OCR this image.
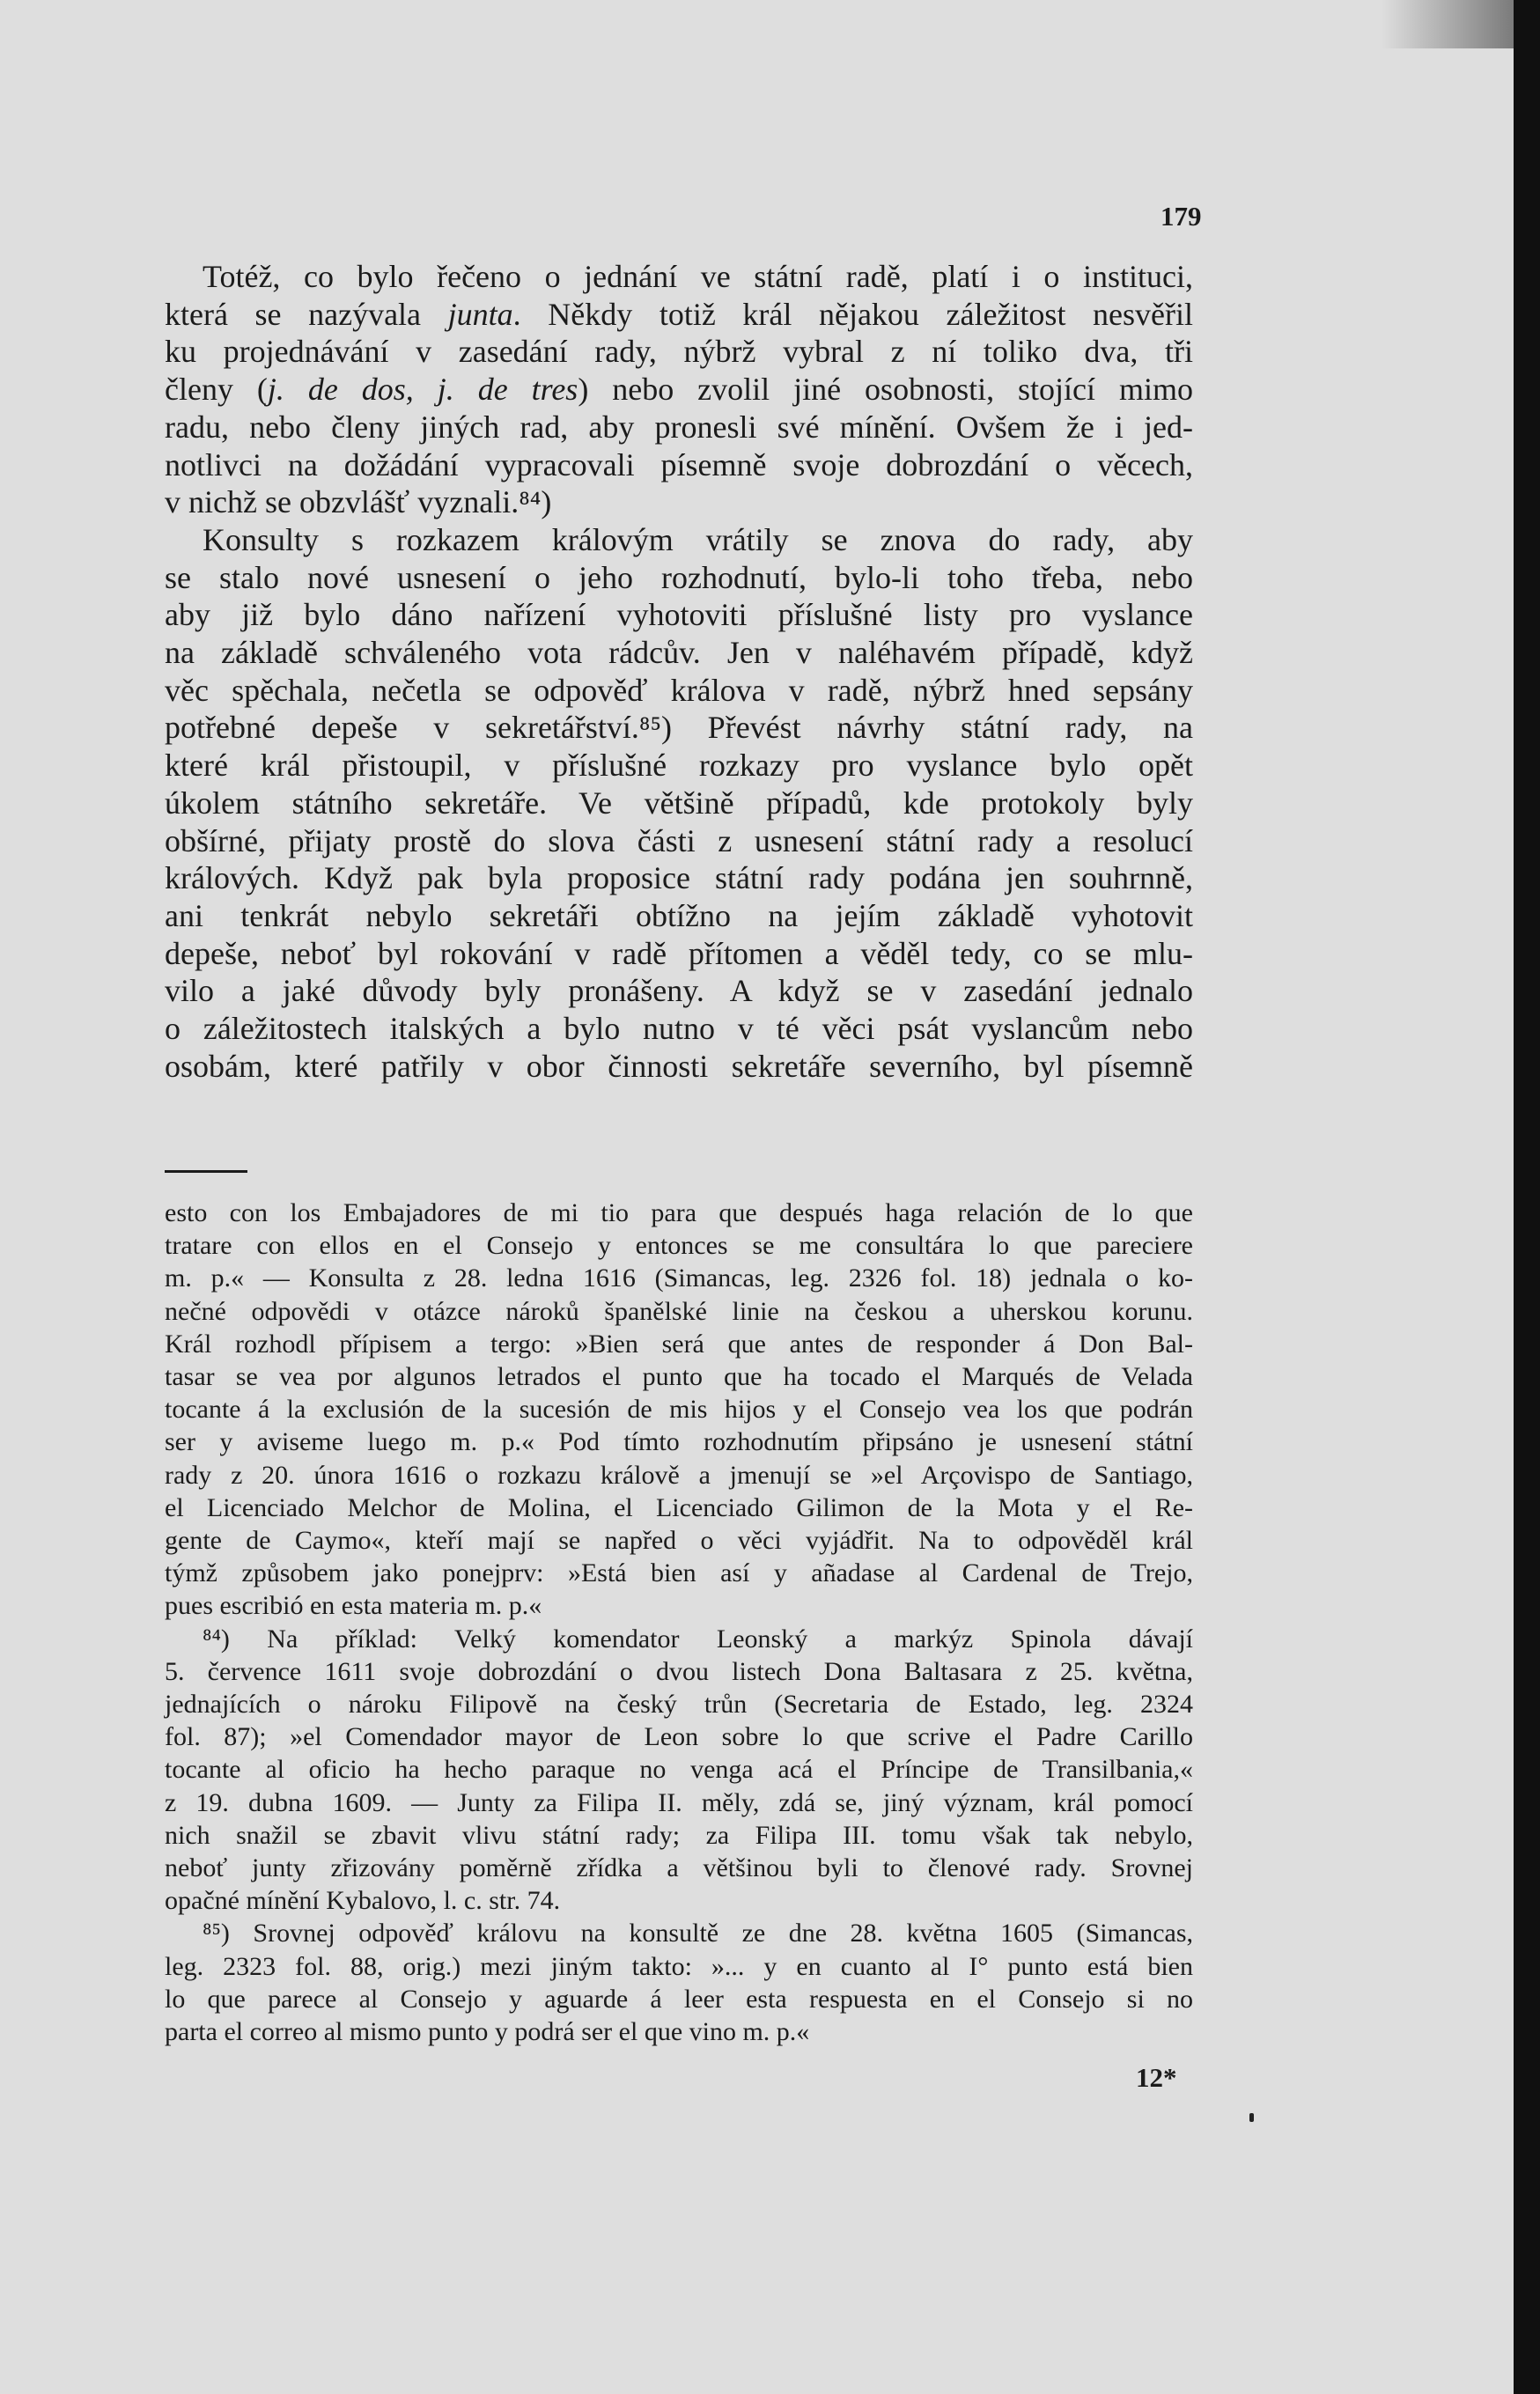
179
Totéž, co bylo řečeno o jednání ve státní radě, platí i o instituci,
která se nazývala junta. Někdy totiž král nějakou záležitost nesvěřil
ku projednávání v zasedání rady, nýbrž vybral z ní toliko dva, tři
členy (j. de dos, j. de tres) nebo zvolil jiné osobnosti, stojící mimo
radu, nebo členy jiných rad, aby pronesli své mínění. Ovšem že i jed-
notlivci na dožádání vypracovali písemně svoje dobrozdání o věcech,
v nichž se obzvlášť vyznali.⁸⁴)
Konsulty s rozkazem královým vrátily se znova do rady, aby
se stalo nové usnesení o jeho rozhodnutí, bylo-li toho třeba, nebo
aby již bylo dáno nařízení vyhotoviti příslušné listy pro vyslance
na základě schváleného vota rádcův. Jen v naléhavém případě, když
věc spěchala, nečetla se odpověď králova v radě, nýbrž hned sepsány
potřebné depeše v sekretářství.⁸⁵) Převést návrhy státní rady, na
které král přistoupil, v příslušné rozkazy pro vyslance bylo opět
úkolem státního sekretáře. Ve většině případů, kde protokoly byly
obšírné, přijaty prostě do slova části z usnesení státní rady a resolucí
králových. Když pak byla proposice státní rady podána jen souhrnně,
ani tenkrát nebylo sekretáři obtížno na jejím základě vyhotovit
depeše, neboť byl rokování v radě přítomen a věděl tedy, co se mlu-
vilo a jaké důvody byly pronášeny. A když se v zasedání jednalo
o záležitostech italských a bylo nutno v té věci psát vyslancům nebo
osobám, které patřily v obor činnosti sekretáře severního, byl písemně
esto con los Embajadores de mi tio para que después haga relación de lo que
tratare con ellos en el Consejo y entonces se me consultára lo que pareciere
m. p.« — Konsulta z 28. ledna 1616 (Simancas, leg. 2326 fol. 18) jednala o ko-
nečné odpovědi v otázce nároků španělské linie na českou a uherskou korunu.
Král rozhodl přípisem a tergo: »Bien será que antes de responder á Don Bal-
tasar se vea por algunos letrados el punto que ha tocado el Marqués de Velada
tocante á la exclusión de la sucesión de mis hijos y el Consejo vea los que podrán
ser y aviseme luego m. p.« Pod tímto rozhodnutím připsáno je usnesení státní
rady z 20. února 1616 o rozkazu králově a jmenují se »el Arçovispo de Santiago,
el Licenciado Melchor de Molina, el Licenciado Gilimon de la Mota y el Re-
gente de Caymo«, kteří mají se napřed o věci vyjádřit. Na to odpověděl král
týmž způsobem jako ponejprv: »Está bien así y añadase al Cardenal de Trejo,
pues escribió en esta materia m. p.«
⁸⁴) Na příklad: Velký komendator Leonský a markýz Spinola dávají
5. července 1611 svoje dobrozdání o dvou listech Dona Baltasara z 25. května,
jednajících o nároku Filipově na český trůn (Secretaria de Estado, leg. 2324
fol. 87); »el Comendador mayor de Leon sobre lo que scrive el Padre Carillo
tocante al oficio ha hecho paraque no venga acá el Príncipe de Transilbania,«
z 19. dubna 1609. — Junty za Filipa II. měly, zdá se, jiný význam, král pomocí
nich snažil se zbavit vlivu státní rady; za Filipa III. tomu však tak nebylo,
neboť junty zřizovány poměrně zřídka a většinou byli to členové rady. Srovnej
opačné mínění Kybalovo, l. c. str. 74.
⁸⁵) Srovnej odpověď královu na konsultě ze dne 28. května 1605 (Simancas,
leg. 2323 fol. 88, orig.) mezi jiným takto: »... y en cuanto al I° punto está bien
lo que parece al Consejo y aguarde á leer esta respuesta en el Consejo si no
parta el correo al mismo punto y podrá ser el que vino m. p.«
12*
